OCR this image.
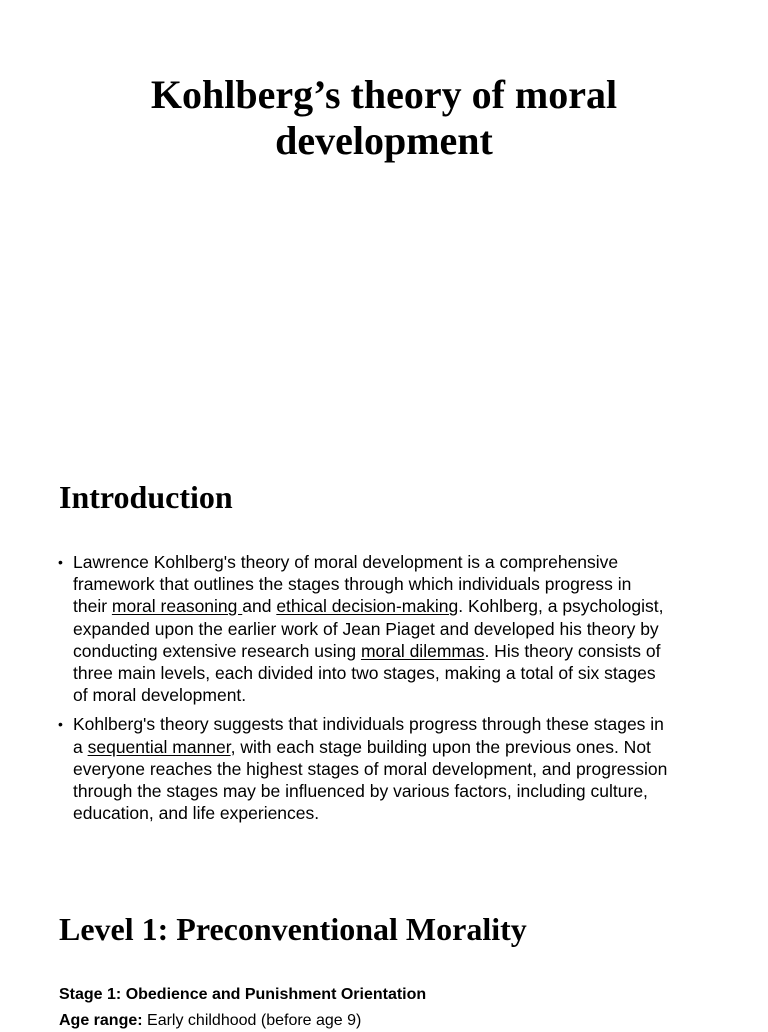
Kohlberg’s theory of moral
development
Introduction
• Lawrence Kohlberg's theory of moral development is a comprehensive
framework that outlines the stages through which individuals progress in
their moral reasoning and ethical decision-making. Kohlberg, a psychologist,
expanded upon the earlier work of Jean Piaget and developed his theory by
conducting extensive research using moral dilemmas. His theory consists of
three main levels, each divided into two stages, making a total of six stages
of moral development.
• Kohlberg's theory suggests that individuals progress through these stages in
a sequential manner, with each stage building upon the previous ones. Not
everyone reaches the highest stages of moral development, and progression
through the stages may be influenced by various factors, including culture,
education, and life experiences.
Level 1: Preconventional Morality

Stage 1: Obedience and Punishment Orientation

Age range: Early childhood (before age 9)
